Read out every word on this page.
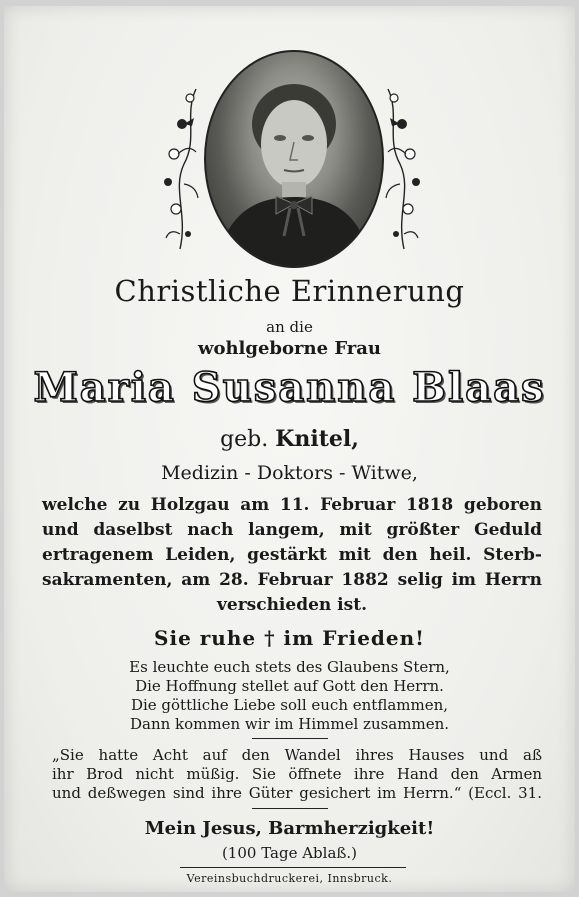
Christliche Erinnerung
an die
wohlgeborne Frau
Maria Susanna Blaas
geb. Knitel,
Medizin - Doktors - Witwe,
welche zu Holzgau am 11. Februar 1818 geboren
und daselbst nach langem, mit größter Geduld
ertragenem Leiden, gestärkt mit den heil. Sterb-
sakramenten, am 28. Februar 1882 selig im Herrn
verschieden ist.
Sie ruhe † im Frieden!
Es leuchte euch stets des Glaubens Stern,
Die Hoffnung stellet auf Gott den Herrn.
Die göttliche Liebe soll euch entflammen,
Dann kommen wir im Himmel zusammen.
„Sie hatte Acht auf den Wandel ihres Hauses und aß
ihr Brod nicht müßig. Sie öffnete ihre Hand den Armen
und deßwegen sind ihre Güter gesichert im Herrn.“ (Eccl. 31.
Mein Jesus, Barmherzigkeit!
(100 Tage Ablaß.)
Vereinsbuchdruckerei, Innsbruck.
